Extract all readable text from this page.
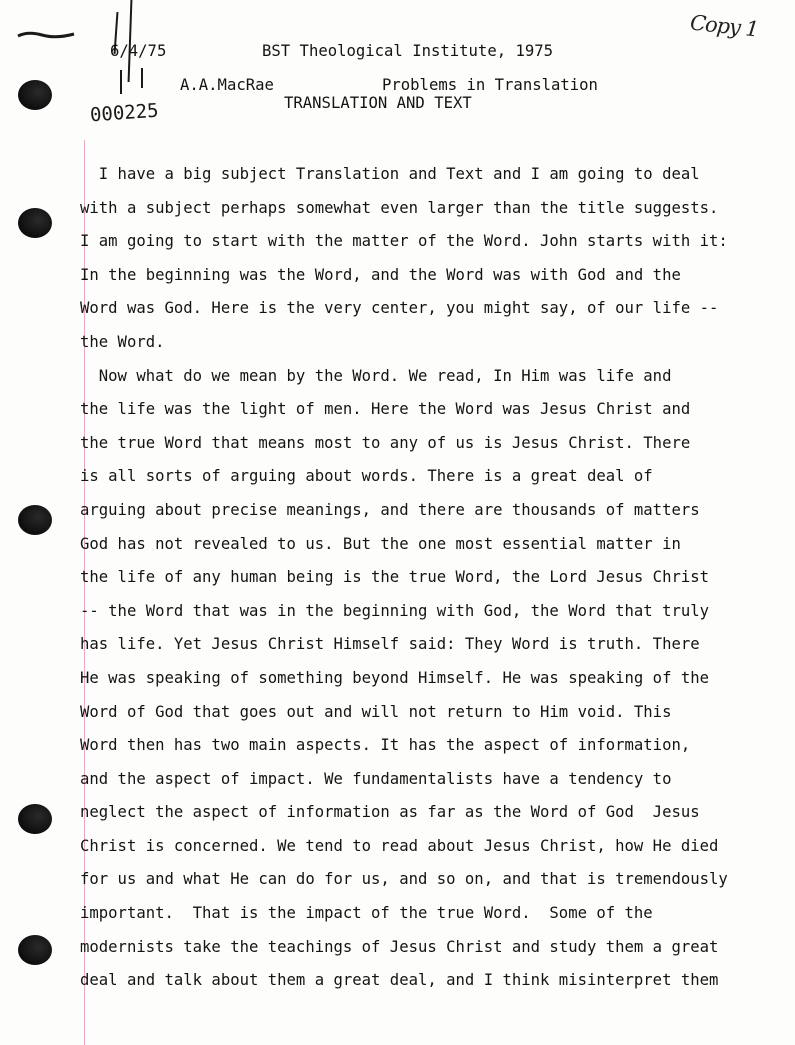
Copy 1
6/4/75	BST Theological Institute, 1975
A.A.MacRae	Problems in Translation
TRANSLATION AND TEXT
000225
I have a big subject Translation and Text and I am going to deal
with a subject perhaps somewhat even larger than the title suggests.
I am going to start with the matter of the Word. John starts with it:
In the beginning was the Word, and the Word was with God and the
Word was God. Here is the very center, you might say, of our life --
the Word.
Now what do we mean by the Word. We read, In Him was life and
the life was the light of men. Here the Word was Jesus Christ and
the true Word that means most to any of us is Jesus Christ. There
is all sorts of arguing about words. There is a great deal of
arguing about precise meanings, and there are thousands of matters
God has not revealed to us. But the one most essential matter in
the life of any human being is the true Word, the Lord Jesus Christ
-- the Word that was in the beginning with God, the Word that truly
has life. Yet Jesus Christ Himself said: They Word is truth. There
He was speaking of something beyond Himself. He was speaking of the
Word of God that goes out and will not return to Him void. This
Word then has two main aspects. It has the aspect of information,
and the aspect of impact. We fundamentalists have a tendency to
neglect the aspect of information as far as the Word of God  Jesus
Christ is concerned. We tend to read about Jesus Christ, how He died
for us and what He can do for us, and so on, and that is tremendously
important.  That is the impact of the true Word.  Some of the
modernists take the teachings of Jesus Christ and study them a great
deal and talk about them a great deal, and I think misinterpret them
